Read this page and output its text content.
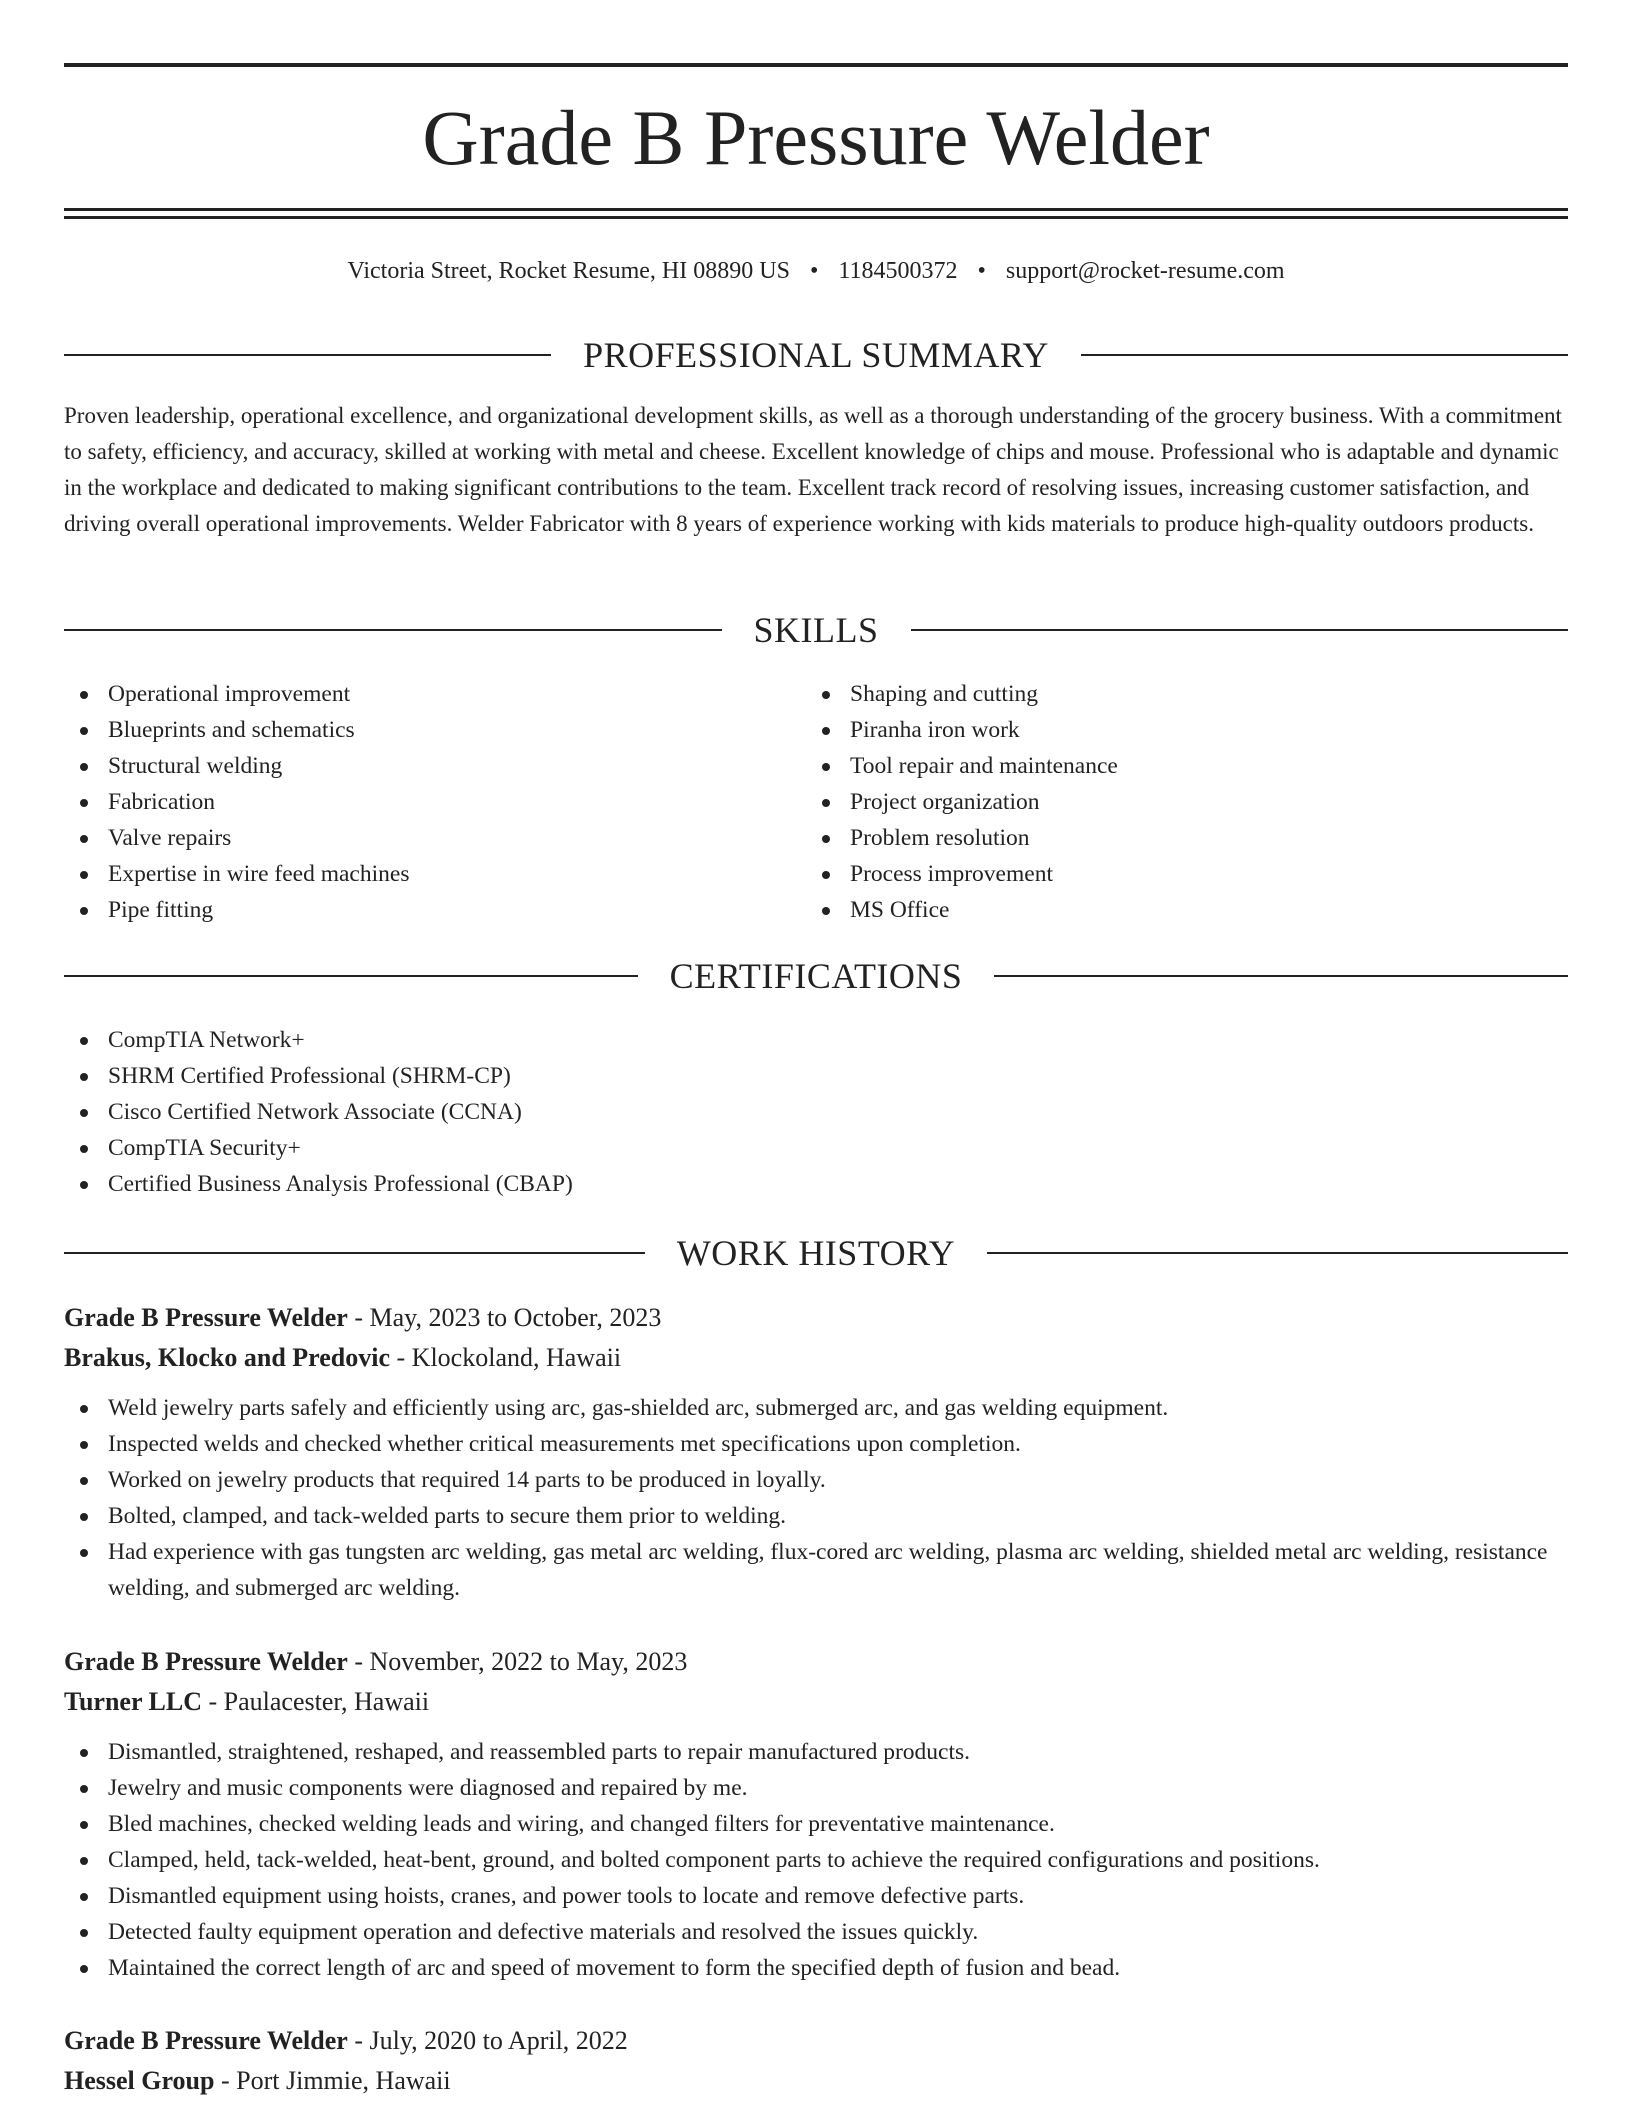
Grade B Pressure Welder
Victoria Street, Rocket Resume, HI 08890 US • 1184500372 • support@rocket-resume.com
PROFESSIONAL SUMMARY

Proven leadership, operational excellence, and organizational development skills, as well as a thorough understanding of the grocery business. With a commitment to safety, efficiency, and accuracy, skilled at working with metal and cheese. Excellent knowledge of chips and mouse. Professional who is adaptable and dynamic in the workplace and dedicated to making significant contributions to the team. Excellent track record of resolving issues, increasing customer satisfaction, and driving overall operational improvements. Welder Fabricator with 8 years of experience working with kids materials to produce high-quality outdoors products.

SKILLS
Operational improvement
Blueprints and schematics
Structural welding
Fabrication
Valve repairs
Expertise in wire feed machines
Pipe fitting
Shaping and cutting
Piranha iron work
Tool repair and maintenance
Project organization
Problem resolution
Process improvement
MS Office
CERTIFICATIONS
CompTIA Network+
SHRM Certified Professional (SHRM-CP)
Cisco Certified Network Associate (CCNA)
CompTIA Security+
Certified Business Analysis Professional (CBAP)
WORK HISTORY
Grade B Pressure Welder - May, 2023 to October, 2023
Brakus, Klocko and Predovic - Klockoland, Hawaii
Weld jewelry parts safely and efficiently using arc, gas-shielded arc, submerged arc, and gas welding equipment.
Inspected welds and checked whether critical measurements met specifications upon completion.
Worked on jewelry products that required 14 parts to be produced in loyally.
Bolted, clamped, and tack-welded parts to secure them prior to welding.
Had experience with gas tungsten arc welding, gas metal arc welding, flux-cored arc welding, plasma arc welding, shielded metal arc welding, resistance welding, and submerged arc welding.
Grade B Pressure Welder - November, 2022 to May, 2023
Turner LLC - Paulacester, Hawaii
Dismantled, straightened, reshaped, and reassembled parts to repair manufactured products.
Jewelry and music components were diagnosed and repaired by me.
Bled machines, checked welding leads and wiring, and changed filters for preventative maintenance.
Clamped, held, tack-welded, heat-bent, ground, and bolted component parts to achieve the required configurations and positions.
Dismantled equipment using hoists, cranes, and power tools to locate and remove defective parts.
Detected faulty equipment operation and defective materials and resolved the issues quickly.
Maintained the correct length of arc and speed of movement to form the specified depth of fusion and bead.
Grade B Pressure Welder - July, 2020 to April, 2022
Hessel Group - Port Jimmie, Hawaii
